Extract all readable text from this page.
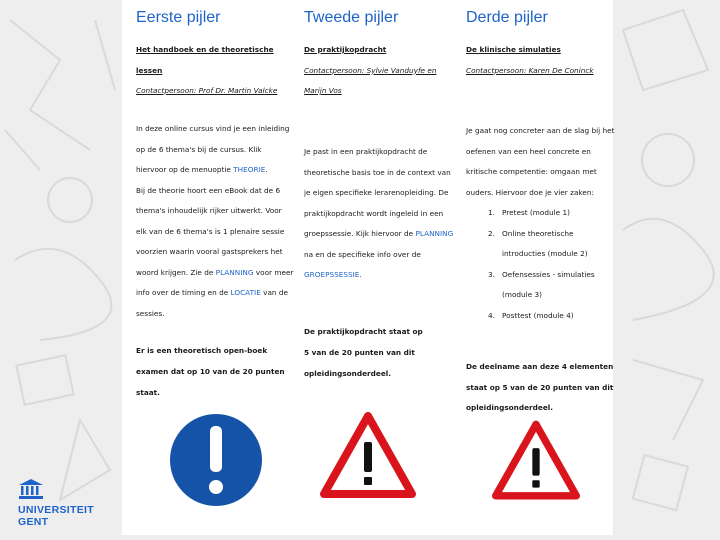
Eerste pijler

Het handboek en de theoretische

lessen

Contactpersoon: Prof Dr. Martin Valcke

In deze online cursus vind je een inleiding

op de 6 thema's bij de cursus. Klik

hiervoor op de menuoptie THEORIE.

Bij de theorie hoort een eBook dat de 6

thema's inhoudelijk rijker uitwerkt. Voor

elk van de 6 thema's is 1 plenaire sessie

voorzien waarin vooral gastsprekers het

woord krijgen. Zie de PLANNING voor meer

info over de timing en de LOCATIE van de

sessies.

Er is een theoretisch open-boek

examen dat op 10 van de 20 punten

staat.

Tweede pijler

De praktijkopdracht

Contactpersoon: Sylvie Vanduyfe en

Marijn Vos

Je past in een praktijkopdracht de

theoretische basis toe in de context van

je eigen specifieke lerarenopleiding. De

praktijkopdracht wordt ingeleid in een

groepssessie. Kijk hiervoor de PLANNING

na en de specifieke info over de

GROEPSSESSIE.

De praktijkopdracht staat op

5 van de 20 punten van dit

opleidingsonderdeel.

Derde pijler

De klinische simulaties

Contactpersoon: Karen De Coninck

Je gaat nog concreter aan de slag bij het

oefenen van een heel concrete en

kritische competentie: omgaan met

ouders. Hiervoor doe je vier zaken:

1. Pretest (module 1)
2. Online theoretische
introducties (module 2)
3. Oefensessies - simulaties
(module 3)
4. Posttest (module 4)

De deelname aan deze 4 elementen

staat op 5 van de 20 punten van dit

opleidingsonderdeel.

UNIVERSITEIT
GENT
